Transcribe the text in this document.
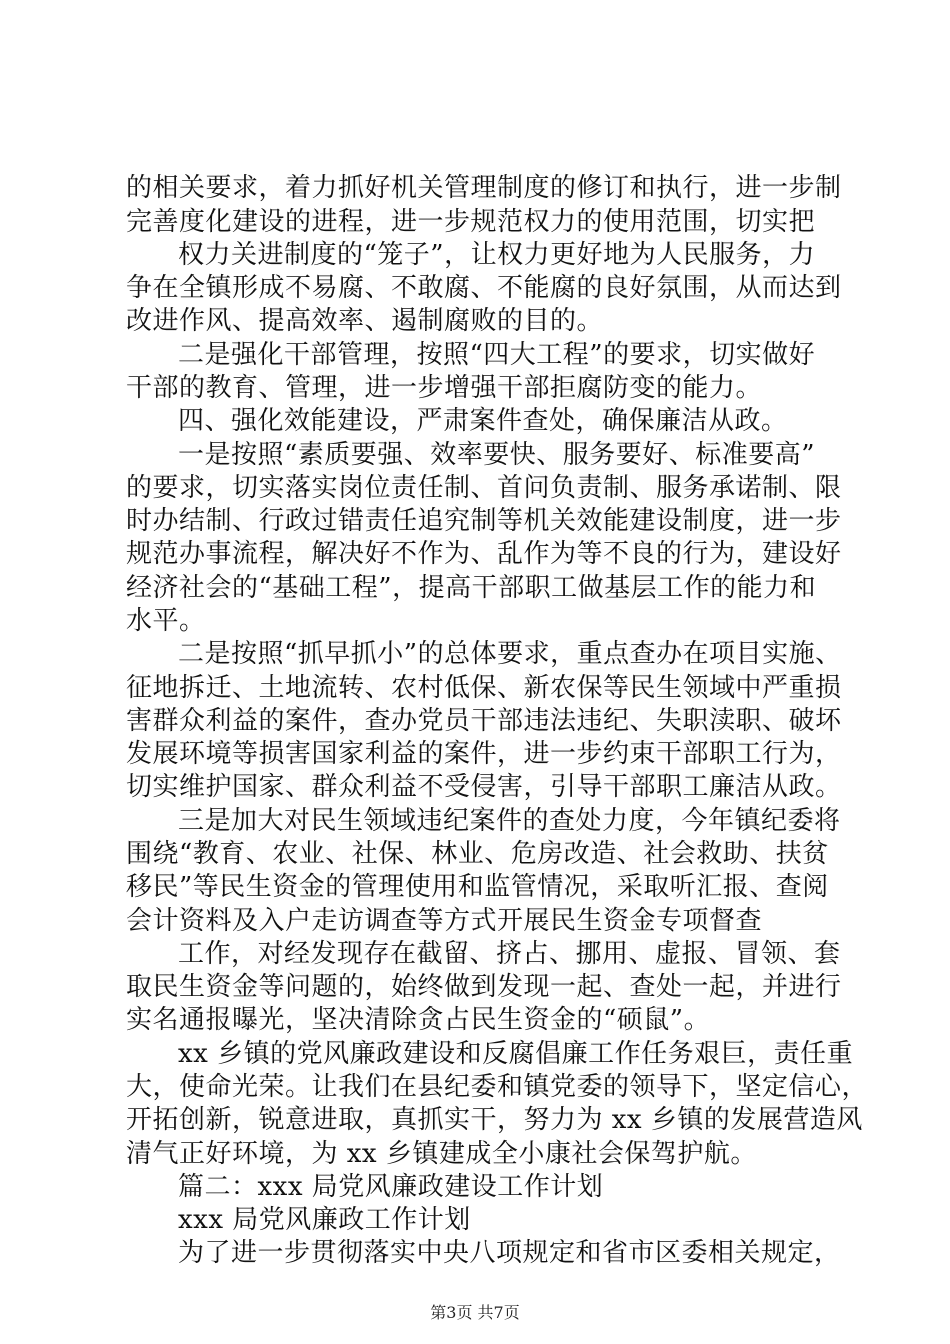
的相关要求，着力抓好机关管理制度的修订和执行，进一步制
完善度化建设的进程，进一步规范权力的使用范围，切实把
权力关进制度的“笼子”，让权力更好地为人民服务，力
争在全镇形成不易腐、不敢腐、不能腐的良好氛围，从而达到
改进作风、提高效率、遏制腐败的目的。
二是强化干部管理，按照“四大工程”的要求，切实做好
干部的教育、管理，进一步增强干部拒腐防变的能力。
四、强化效能建设，严肃案件查处，确保廉洁从政。
一是按照“素质要强、效率要快、服务要好、标准要高”
的要求，切实落实岗位责任制、首问负责制、服务承诺制、限
时办结制、行政过错责任追究制等机关效能建设制度，进一步
规范办事流程，解决好不作为、乱作为等不良的行为，建设好
经济社会的“基础工程”，提高干部职工做基层工作的能力和
水平。
二是按照“抓早抓小”的总体要求，重点查办在项目实施、
征地拆迁、土地流转、农村低保、新农保等民生领域中严重损
害群众利益的案件，查办党员干部违法违纪、失职渎职、破坏
发展环境等损害国家利益的案件，进一步约束干部职工行为，
切实维护国家、群众利益不受侵害，引导干部职工廉洁从政。
三是加大对民生领域违纪案件的查处力度，今年镇纪委将
围绕“教育、农业、社保、林业、危房改造、社会救助、扶贫
移民”等民生资金的管理使用和监管情况，采取听汇报、查阅
会计资料及入户走访调查等方式开展民生资金专项督查
工作，对经发现存在截留、挤占、挪用、虚报、冒领、套
取民生资金等问题的，始终做到发现一起、查处一起，并进行
实名通报曝光，坚决清除贪占民生资金的“硕鼠”。
xx 乡镇的党风廉政建设和反腐倡廉工作任务艰巨，责任重
大，使命光荣。让我们在县纪委和镇党委的领导下，坚定信心，
开拓创新，锐意进取，真抓实干，努力为 xx 乡镇的发展营造风
清气正好环境，为 xx 乡镇建成全小康社会保驾护航。
篇二：xxx 局党风廉政建设工作计划
xxx 局党风廉政工作计划
为了进一步贯彻落实中央八项规定和省市区委相关规定，
第3页 共7页
